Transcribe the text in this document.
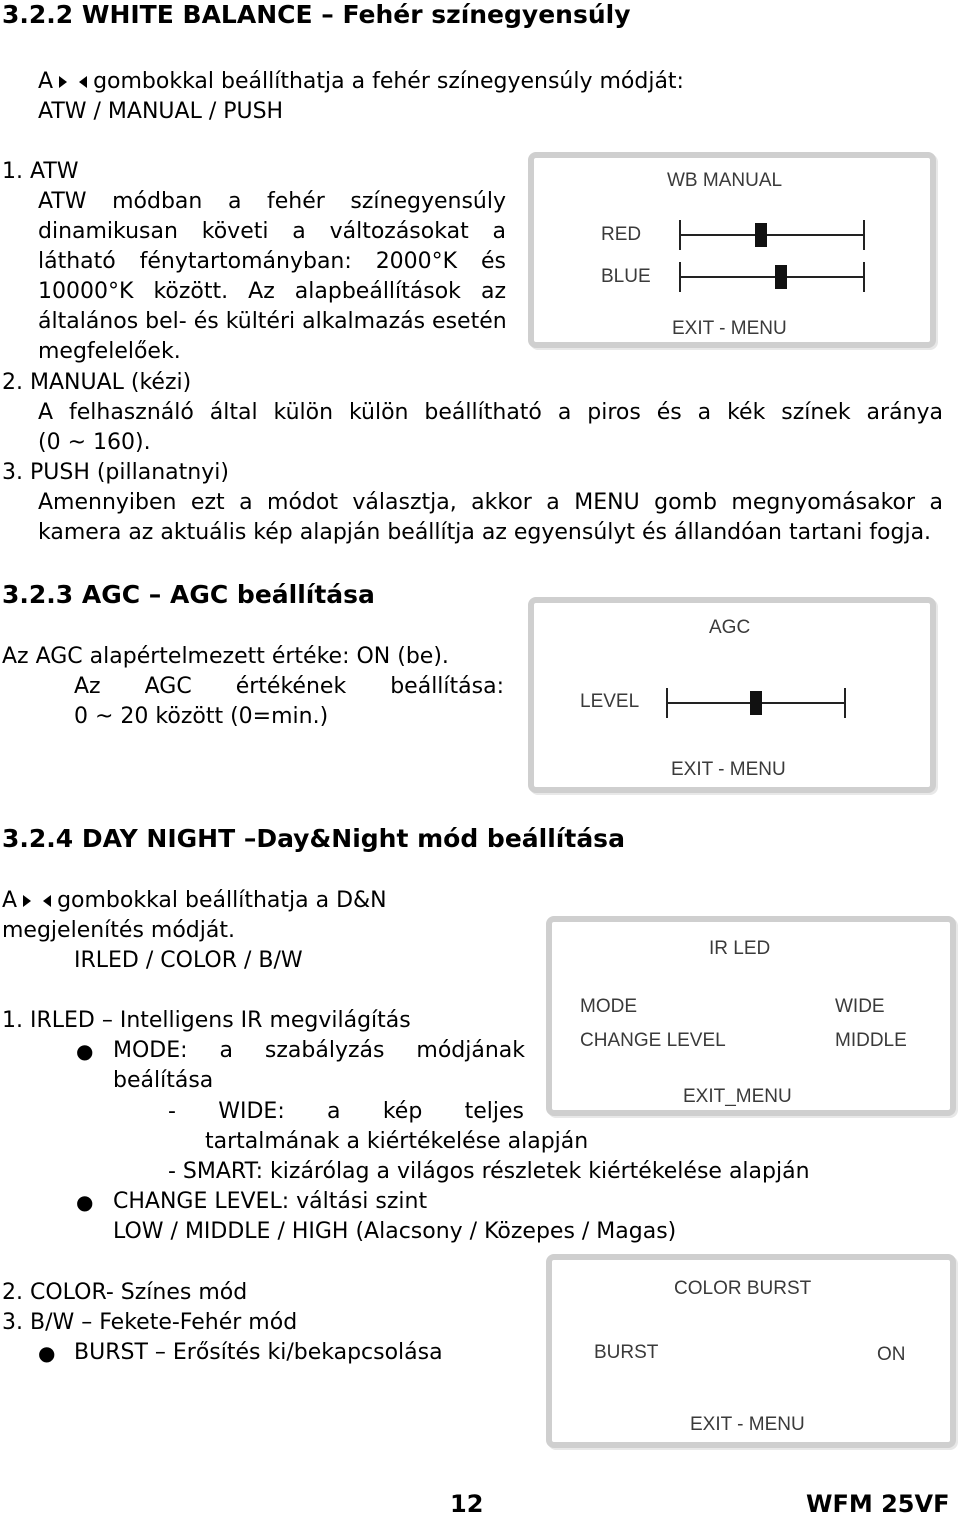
3.2.2 WHITE BALANCE – Fehér színegyensúly
A gombokkal beállíthatja a fehér színegyensúly módját:
ATW / MANUAL / PUSH
1. ATW
ATW módban a fehér színegyensúly
dinamikusan követi a változásokat a
látható fénytartományban: 2000°K és
10000°K között. Az alapbeállítások az
általános bel- és kültéri alkalmazás esetén
megfelelőek.
2. MANUAL (kézi)
A felhasználó által külön külön beállítható a piros és a kék színek aránya
(0 ~ 160).
3. PUSH (pillanatnyi)
Amennyiben ezt a módot választja, akkor a MENU gomb megnyomásakor a
kamera az aktuális kép alapján beállítja az egyensúlyt és állandóan tartani fogja.
WB MANUAL
RED
BLUE
EXIT - MENU
3.2.3 AGC – AGC beállítása
Az AGC alapértelmezett értéke: ON (be).
Az AGC értékének beállítása:
0 ~ 20 között (0=min.)
AGC
LEVEL
EXIT - MENU
3.2.4 DAY NIGHT –Day&Night mód beállítása
A gombokkal beállíthatja a D&N
megjelenítés módját.
IRLED / COLOR / B/W
1. IRLED – Intelligens IR megvilágítás
● MODE: a szabályzás módjának
beálítása
- WIDE: a kép teljes
tartalmának a kiértékelése alapján
- SMART: kizárólag a világos részletek kiértékelése alapján
● CHANGE LEVEL: váltási szint
LOW / MIDDLE / HIGH (Alacsony / Közepes / Magas)
2. COLOR- Színes mód
3. B/W – Fekete-Fehér mód
● BURST – Erősítés ki/bekapcsolása
IR LED
MODE	WIDE
CHANGE LEVEL	MIDDLE
EXIT_MENU
COLOR BURST
BURST	ON
EXIT - MENU
12	WFM 25VF
